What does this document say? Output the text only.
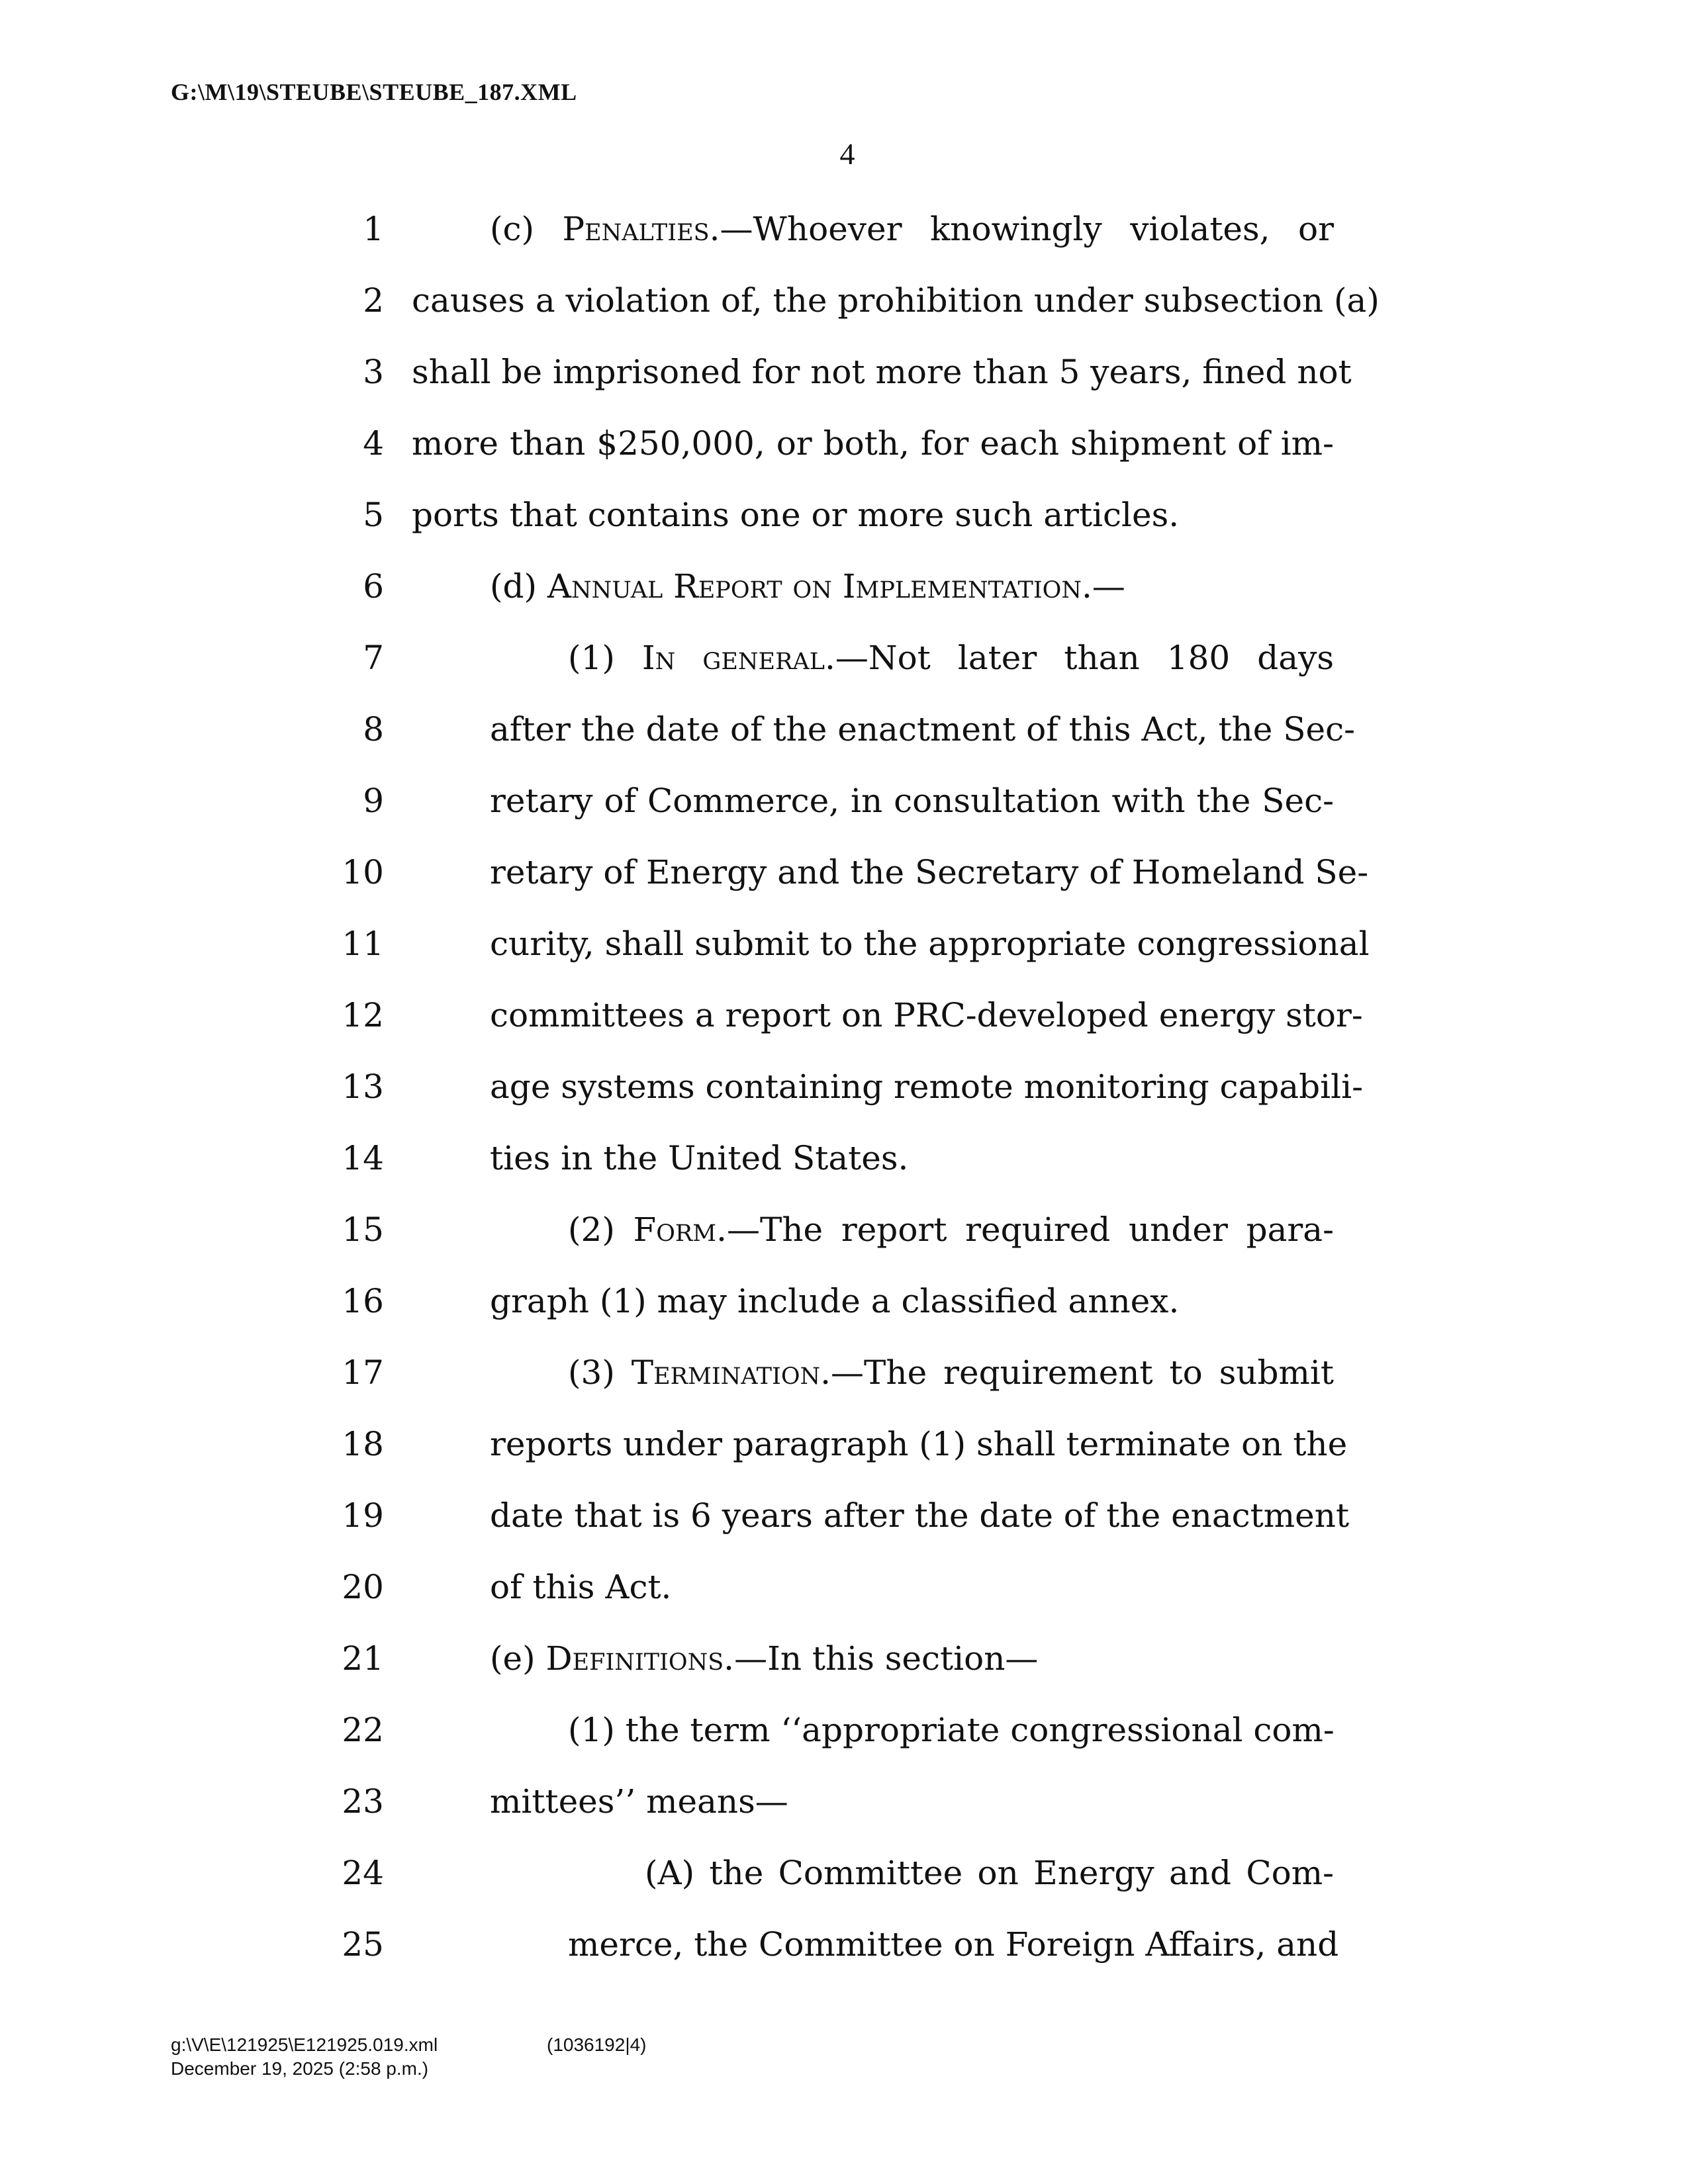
G:\M\19\STEUBE\STEUBE_187.XML
4
1	(c) Penalties.—Whoever knowingly violates, or
2 causes a violation of, the prohibition under subsection (a)
3 shall be imprisoned for not more than 5 years, fined not
4 more than $250,000, or both, for each shipment of im-
5 ports that contains one or more such articles.
6	(d) Annual Report on Implementation.—
7	(1) In general.—Not later than 180 days
8	after the date of the enactment of this Act, the Sec-
9	retary of Commerce, in consultation with the Sec-
10	retary of Energy and the Secretary of Homeland Se-
11	curity, shall submit to the appropriate congressional
12	committees a report on PRC-developed energy stor-
13	age systems containing remote monitoring capabili-
14	ties in the United States.
15	(2) Form.—The report required under para-
16	graph (1) may include a classified annex.
17	(3) Termination.—The requirement to submit
18	reports under paragraph (1) shall terminate on the
19	date that is 6 years after the date of the enactment
20	of this Act.
21	(e) Definitions.—In this section—
22	(1) the term ‘‘appropriate congressional com-
23	mittees’’ means—
24	(A) the Committee on Energy and Com-
25	merce, the Committee on Foreign Affairs, and
g:\V\E\121925\E121925.019.xml	(1036192|4)
December 19, 2025 (2:58 p.m.)
